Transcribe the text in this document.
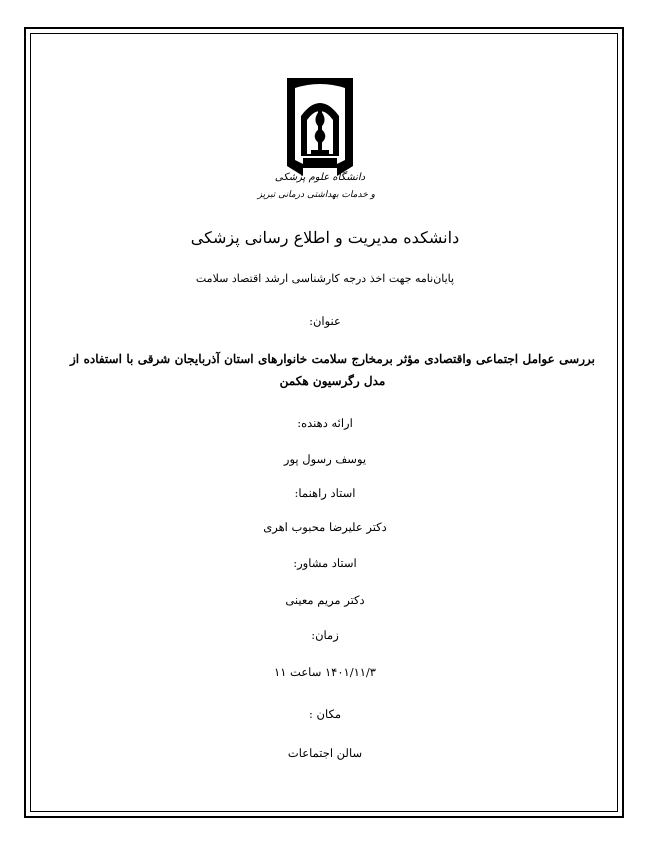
دانشگاه علوم پزشکی
و خدمات بهداشتی درمانی تبریز
دانشکده مدیریت و اطلاع رسانی پزشکی
پایان‌نامه جهت اخذ درجه کارشناسی ارشد اقتصاد سلامت
عنوان:
بررسی عوامل اجتماعی واقتصادی مؤثر برمخارج سلامت خانوارهای استان آذربایجان شرقی با استفاده از مدل رگرسیون هکمن
ارائه دهنده:
یوسف رسول پور
استاد راهنما:
دکتر علیرضا محبوب اهری
استاد مشاور:
دکتر مریم معینی
زمان:
۱۴۰۱/۱۱/۳ ساعت ۱۱
مکان :
سالن اجتماعات
